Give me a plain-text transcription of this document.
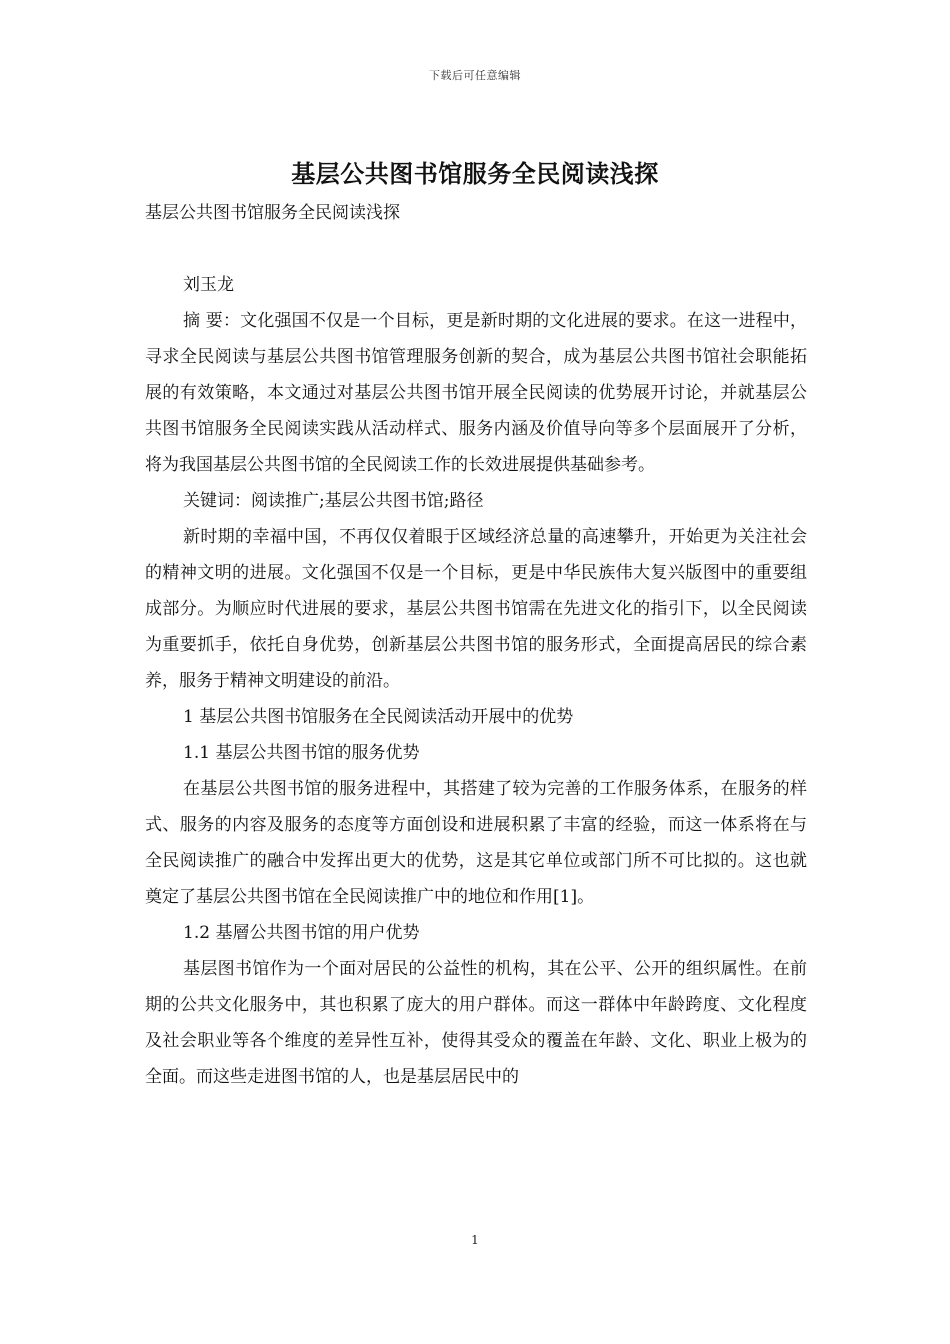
下载后可任意编辑
基层公共图书馆服务全民阅读浅探

基层公共图书馆服务全民阅读浅探

刘玉龙

摘 要：文化强国不仅是一个目标，更是新时期的文化进展的要求。在这一进程中，寻求全民阅读与基层公共图书馆管理服务创新的契合，成为基层公共图书馆社会职能拓展的有效策略，本文通过对基层公共图书馆开展全民阅读的优势展开讨论，并就基层公共图书馆服务全民阅读实践从活动样式、服务内涵及价值导向等多个层面展开了分析，将为我国基层公共图书馆的全民阅读工作的长效进展提供基础参考。

关键词：阅读推广;基层公共图书馆;路径

新时期的幸福中国，不再仅仅着眼于区域经济总量的高速攀升，开始更为关注社会的精神文明的进展。文化强国不仅是一个目标，更是中华民族伟大复兴版图中的重要组成部分。为顺应时代进展的要求，基层公共图书馆需在先进文化的指引下，以全民阅读为重要抓手，依托自身优势，创新基层公共图书馆的服务形式，全面提高居民的综合素养，服务于精神文明建设的前沿。

1 基层公共图书馆服务在全民阅读活动开展中的优势

1.1 基层公共图书馆的服务优势

在基层公共图书馆的服务进程中，其搭建了较为完善的工作服务体系，在服务的样式、服务的内容及服务的态度等方面创设和进展积累了丰富的经验，而这一体系将在与全民阅读推广的融合中发挥出更大的优势，这是其它单位或部门所不可比拟的。这也就奠定了基层公共图书馆在全民阅读推广中的地位和作用[1]。

1.2 基層公共图书馆的用户优势

基层图书馆作为一个面对居民的公益性的机构，其在公平、公开的组织属性。在前期的公共文化服务中，其也积累了庞大的用户群体。而这一群体中年龄跨度、文化程度及社会职业等各个维度的差异性互补，使得其受众的覆盖在年龄、文化、职业上极为的全面。而这些走进图书馆的人，也是基层居民中的

1
